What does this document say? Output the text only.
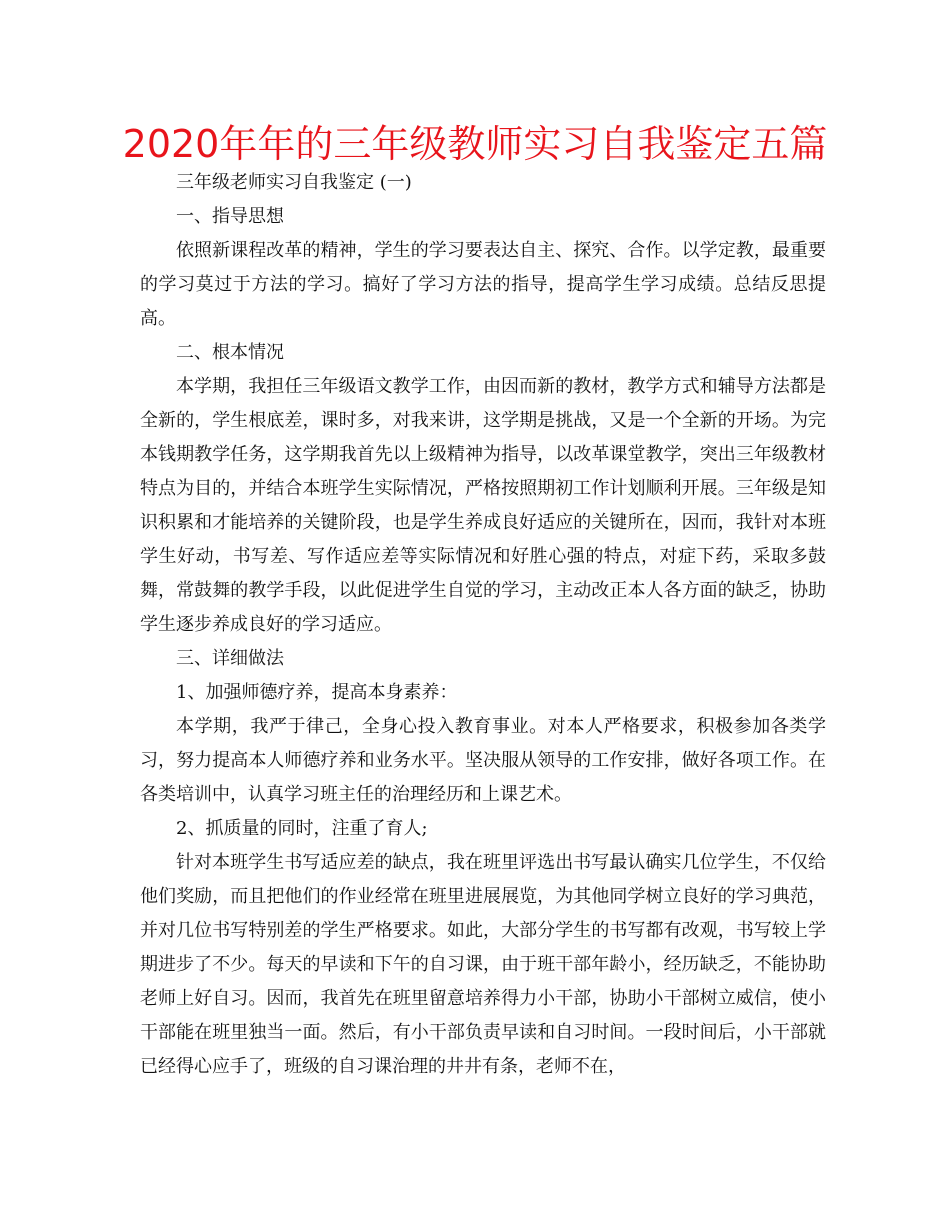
2020年年的三年级教师实习自我鉴定五篇

三年级老师实习自我鉴定 (一)

一、指导思想

依照新课程改革的精神，学生的学习要表达自主、探究、合作。以学定教，最重要的学习莫过于方法的学习。搞好了学习方法的指导，提高学生学习成绩。总结反思提高。

二、根本情况

本学期，我担任三年级语文教学工作，由因而新的教材，教学方式和辅导方法都是全新的，学生根底差，课时多，对我来讲，这学期是挑战，又是一个全新的开场。为完本钱期教学任务，这学期我首先以上级精神为指导，以改革课堂教学，突出三年级教材特点为目的，并结合本班学生实际情况，严格按照期初工作计划顺利开展。三年级是知识积累和才能培养的关键阶段，也是学生养成良好适应的关键所在，因而，我针对本班学生好动，书写差、写作适应差等实际情况和好胜心强的特点，对症下药，采取多鼓舞，常鼓舞的教学手段，以此促进学生自觉的学习，主动改正本人各方面的缺乏，协助学生逐步养成良好的学习适应。

三、详细做法

1、加强师德疗养，提高本身素养：

本学期，我严于律己，全身心投入教育事业。对本人严格要求，积极参加各类学习，努力提高本人师德疗养和业务水平。坚决服从领导的工作安排，做好各项工作。在各类培训中，认真学习班主任的治理经历和上课艺术。

2、抓质量的同时，注重了育人;

针对本班学生书写适应差的缺点，我在班里评选出书写最认确实几位学生，不仅给他们奖励，而且把他们的作业经常在班里进展展览，为其他同学树立良好的学习典范，并对几位书写特别差的学生严格要求。如此，大部分学生的书写都有改观，书写较上学期进步了不少。每天的早读和下午的自习课，由于班干部年龄小，经历缺乏，不能协助老师上好自习。因而，我首先在班里留意培养得力小干部，协助小干部树立威信，使小干部能在班里独当一面。然后，有小干部负责早读和自习时间。一段时间后，小干部就已经得心应手了，班级的自习课治理的井井有条，老师不在，
